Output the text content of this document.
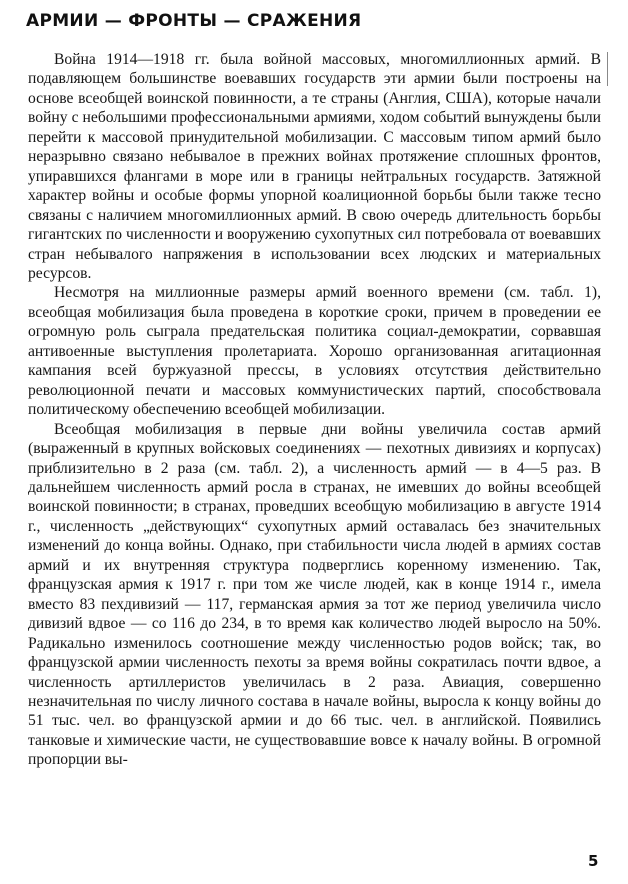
АРМИИ — ФРОНТЫ — СРАЖЕНИЯ

Война 1914—1918 гг. была войной массовых, многомиллионных армий. В подавляющем большинстве воевавших государств эти армии были построены на основе всеобщей воинской повинности, а те страны (Англия, США), которые начали войну с небольшими профессиональными армиями, ходом событий вынуждены были перейти к массовой принудительной мобилизации. С массовым типом армий было неразрывно связано небывалое в прежних войнах протяжение сплошных фронтов, упиравшихся флангами в море или в границы нейтральных государств. Затяжной характер войны и особые формы упорной коалиционной борьбы были также тесно связаны с наличием многомиллионных армий. В свою очередь длительность борьбы гигантских по численности и вооружению сухопутных сил потребовала от воевавших стран небывалого напряжения в использовании всех людских и материальных ресурсов.

Несмотря на миллионные размеры армий военного времени (см. табл. 1), всеобщая мобилизация была проведена в короткие сроки, причем в проведении ее огромную роль сыграла предательская политика социал-демократии, сорвавшая антивоенные выступления пролетариата. Хорошо организованная агитационная кампания всей буржуазной прессы, в условиях отсутствия действительно революционной печати и массовых коммунистических партий, способствовала политическому обеспечению всеобщей мобилизации.

Всеобщая мобилизация в первые дни войны увеличила состав армий (выраженный в крупных войсковых соединениях — пехотных дивизиях и корпусах) приблизительно в 2 раза (см. табл. 2), а численность армий — в 4—5 раз. В дальнейшем численность армий росла в странах, не имевших до войны всеобщей воинской повинности; в странах, проведших всеобщую мобилизацию в августе 1914 г., численность „действующих“ сухопутных армий оставалась без значительных изменений до конца войны. Однако, при стабильности числа людей в армиях состав армий и их внутренняя структура подверглись коренному изменению. Так, французская армия к 1917 г. при том же числе людей, как в конце 1914 г., имела вместо 83 пехдивизий — 117, германская армия за тот же период увеличила число дивизий вдвое — со 116 до 234, в то время как количество людей выросло на 50%. Радикально изменилось соотношение между численностью родов войск; так, во французской армии численность пехоты за время войны сократилась почти вдвое, а численность артиллеристов увеличилась в 2 раза. Авиация, совершенно незначительная по числу личного состава в начале войны, выросла к концу войны до 51 тыс. чел. во французской армии и до 66 тыс. чел. в английской. Появились танковые и химические части, не существовавшие вовсе к началу войны. В огромной пропорции вы-

5
